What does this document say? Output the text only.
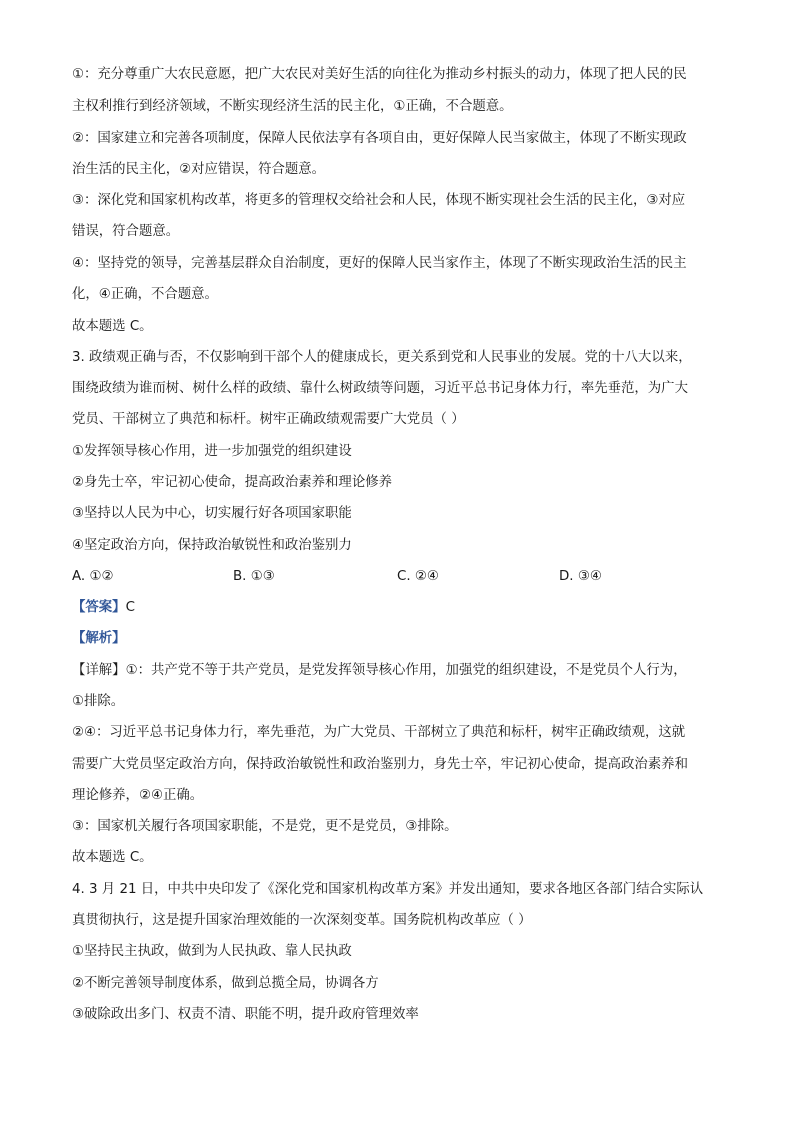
①：充分尊重广大农民意愿，把广大农民对美好生活的向往化为推动乡村振头的动力，体现了把人民的民
主权利推行到经济领域，不断实现经济生活的民主化，①正确，不合题意。
②：国家建立和完善各项制度，保障人民依法享有各项自由，更好保障人民当家做主，体现了不断实现政
治生活的民主化，②对应错误，符合题意。
③：深化党和国家机构改革，将更多的管理权交给社会和人民，体现不断实现社会生活的民主化，③对应
错误，符合题意。
④：坚持党的领导，完善基层群众自治制度，更好的保障人民当家作主，体现了不断实现政治生活的民主
化，④正确，不合题意。
故本题选 C。
3. 政绩观正确与否，不仅影响到干部个人的健康成长，更关系到党和人民事业的发展。党的十八大以来，
围绕政绩为谁而树、树什么样的政绩、靠什么树政绩等问题，习近平总书记身体力行，率先垂范，为广大
党员、干部树立了典范和标杆。树牢正确政绩观需要广大党员（ ）
①发挥领导核心作用，进一步加强党的组织建设
②身先士卒，牢记初心使命，提高政治素养和理论修养
③坚持以人民为中心，切实履行好各项国家职能
④坚定政治方向，保持政治敏锐性和政治鉴别力
A. ①②	B. ①③	C. ②④	D. ③④
【答案】C
【解析】
【详解】①：共产党不等于共产党员，是党发挥领导核心作用，加强党的组织建设，不是党员个人行为，
①排除。
②④：习近平总书记身体力行，率先垂范，为广大党员、干部树立了典范和标杆，树牢正确政绩观，这就
需要广大党员坚定政治方向，保持政治敏锐性和政治鉴别力，身先士卒，牢记初心使命，提高政治素养和
理论修养，②④正确。
③：国家机关履行各项国家职能，不是党，更不是党员，③排除。
故本题选 C。
4. 3 月 21 日，中共中央印发了《深化党和国家机构改革方案》并发出通知，要求各地区各部门结合实际认
真贯彻执行，这是提升国家治理效能的一次深刻变革。国务院机构改革应（ ）
①坚持民主执政，做到为人民执政、靠人民执政
②不断完善领导制度体系，做到总揽全局，协调各方
③破除政出多门、权责不清、职能不明，提升政府管理效率
